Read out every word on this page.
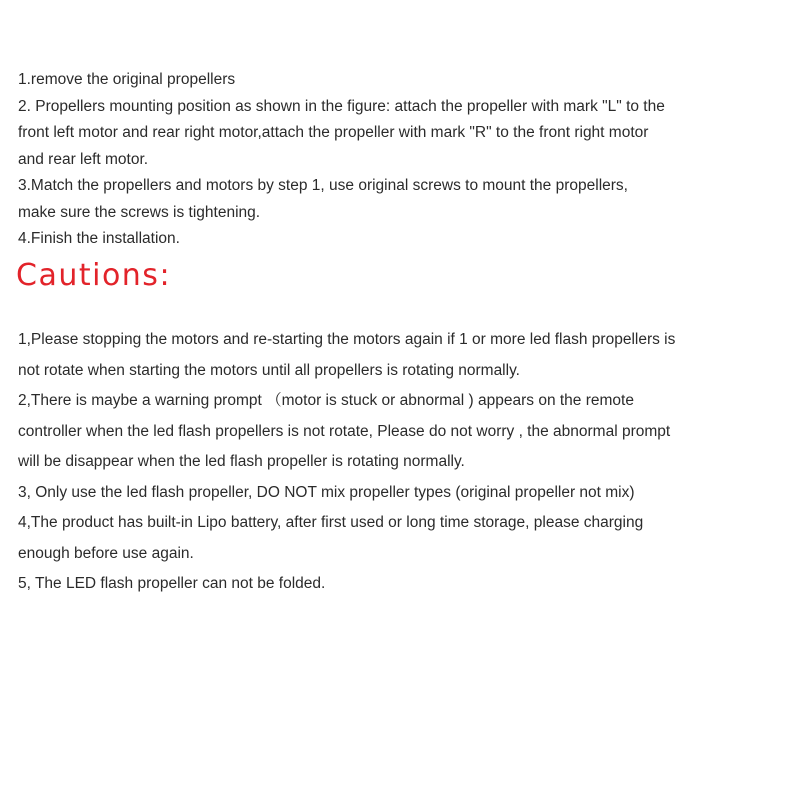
1.remove the original propellers
2. Propellers mounting position as shown in the figure: attach the propeller with mark "L" to the
front left motor and rear right motor,attach the propeller with mark "R" to the front right motor
and rear left motor.
3.Match the propellers and motors by step 1, use original screws to mount the propellers,
make sure the screws is tightening.
4.Finish the installation.
Cautions:
1,Please stopping the motors and re-starting the motors again if 1 or more led flash propellers is
not rotate when starting the motors until all propellers is rotating normally.
2,There is maybe a warning prompt （motor is stuck or abnormal ) appears on the remote
controller when the led flash propellers is not rotate, Please do not worry , the abnormal prompt
will be disappear when the led flash propeller is rotating normally.
3, Only use the led flash propeller, DO NOT mix propeller types (original propeller not mix)
4,The product has built-in Lipo battery, after first used or long time storage, please charging
enough before use again.
5, The LED flash propeller can not be folded.
